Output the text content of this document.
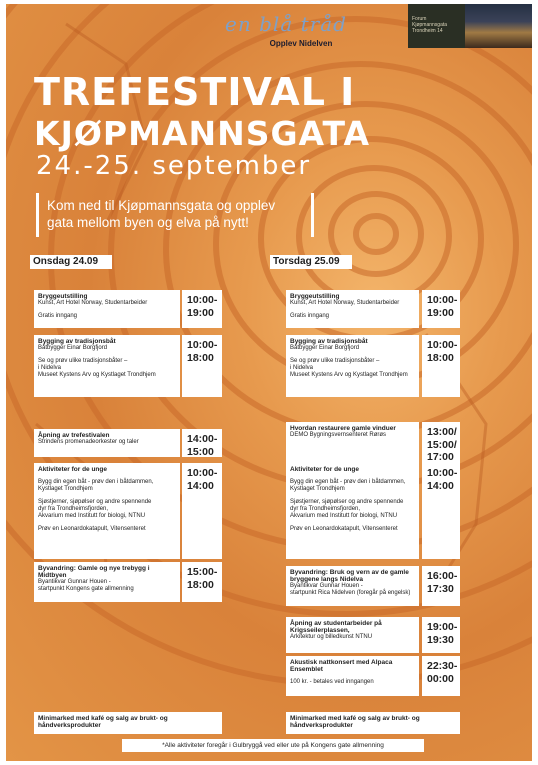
en blå tråd
Opplev Nidelven
Forum Kjøpmannsgata Trondheim 14
TREFESTIVAL I
KJØPMANNSGATA
24.-25. september
Kom ned til Kjøpmannsgata og opplev gata mellom byen og elva på nytt!
Onsdag 24.09	Torsdag 25.09
Bryggeutstilling
Kunst, Art Hotel Norway, Studentarbeider
Gratis inngang
10:00-
19:00
Bygging av tradisjonsbåt
Båtbygger Einar Borgfjord
Se og prøv ulike tradisjonsbåter –
i Nidelva
Museet Kystens Arv og Kystlaget Trondhjem
10:00-
18:00
Åpning av trefestivalen
Strindens promenadeorkester og taler	14:00-
15:00
Aktiviteter for de unge
Bygg din egen båt - prøv den i båtdammen,
Kystlaget Trondhjem
Sjøstjerner, sjøpølser og andre spennende
dyr fra Trondheimsfjorden,
Akvarium med Institutt for biologi, NTNU
Prøv en Leonardokatapult, Vitensenteret
10:00-
14:00
Byvandring: Gamle og nye trebygg i Midtbyen
Byantikvar Gunnar Houen -
startpunkt Kongens gate allmenning
15:00-
18:00
Minimarked med kafé og salg av brukt- og håndverksprodukter
Bryggeutstilling
Kunst, Art Hotel Norway, Studentarbeider
Gratis inngang
10:00-
19:00
Bygging av tradisjonsbåt
Båtbygger Einar Borgfjord
Se og prøv ulike tradisjonsbåter –
i Nidelva
Museet Kystens Arv og Kystlaget Trondhjem
10:00-
18:00
Hvordan restaurere gamle vinduer
DEMO Bygningsvernsenteret Rørøs	13:00/
15:00/
17:00
Aktiviteter for de unge
Bygg din egen båt - prøv den i båtdammen,
Kystlaget Trondhjem
Sjøstjerner, sjøpølser og andre spennende
dyr fra Trondheimsfjorden,
Akvarium med Institutt for biologi, NTNU
Prøv en Leonardokatapult, Vitensenteret
10:00-
14:00
Byvandring: Bruk og vern av de gamle bryggene langs Nidelva
Byantikvar Gunnar Houen -
startpunkt Rica Nidelven (foregår på engelsk)
16:00-
17:30
Åpning av studentarbeider på Krigsseilerplassen,
Arkitektur og billedkunst NTNU
19:00-
19:30
Akustisk nattkonsert med Alpaca Ensemblet
100 kr. - betales ved inngangen
22:30-
00:00
Minimarked med kafé og salg av brukt- og håndverksprodukter
*Alle aktiviteter foregår i Gulbryggå ved eller ute på Kongens gate allmenning
